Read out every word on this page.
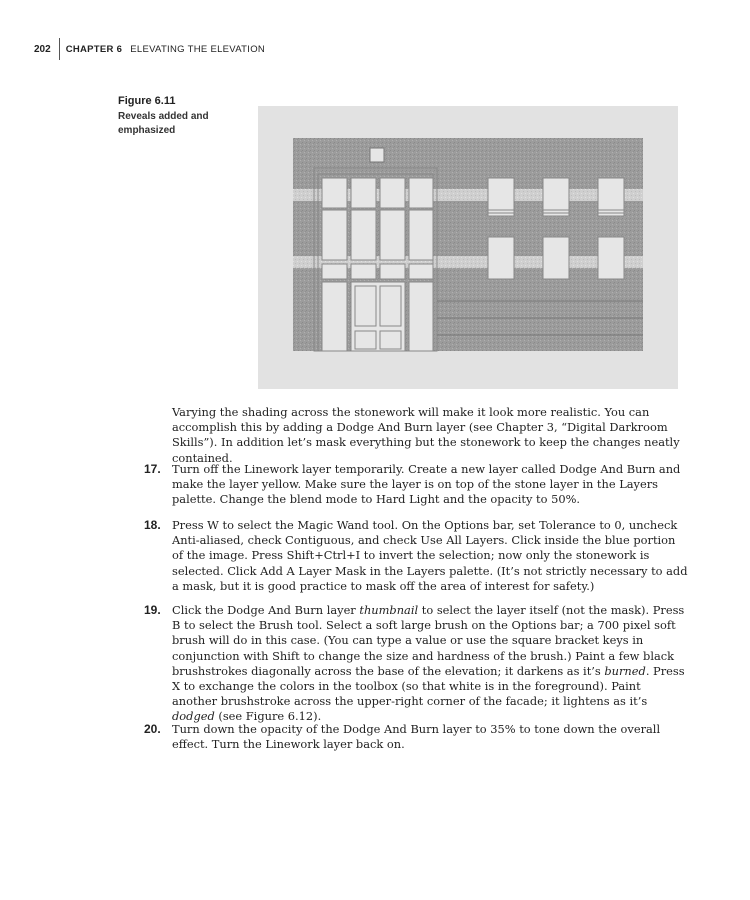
202 CHAPTER 6 ELEVATING THE ELEVATION
Figure 6.11
Reveals added and emphasized
Varying the shading across the stonework will make it look more realistic. You can accomplish this by adding a Dodge And Burn layer (see Chapter 3, “Digital Darkroom Skills”). In addition let’s mask everything but the stonework to keep the changes neatly contained.
17. Turn off the Linework layer temporarily. Create a new layer called Dodge And Burn and make the layer yellow. Make sure the layer is on top of the stone layer in the Layers palette. Change the blend mode to Hard Light and the opacity to 50%.
18. Press W to select the Magic Wand tool. On the Options bar, set Tolerance to 0, uncheck Anti-aliased, check Contiguous, and check Use All Layers. Click inside the blue portion of the image. Press Shift+Ctrl+I to invert the selection; now only the stonework is selected. Click Add A Layer Mask in the Layers palette. (It’s not strictly necessary to add a mask, but it is good practice to mask off the area of interest for safety.)
19. Click the Dodge And Burn layer thumbnail to select the layer itself (not the mask). Press B to select the Brush tool. Select a soft large brush on the Options bar; a 700 pixel soft brush will do in this case. (You can type a value or use the square bracket keys in conjunction with Shift to change the size and hardness of the brush.) Paint a few black brushstrokes diagonally across the base of the elevation; it darkens as it’s burned. Press X to exchange the colors in the toolbox (so that white is in the foreground). Paint another brushstroke across the upper-right corner of the facade; it lightens as it’s dodged (see Figure 6.12).
20. Turn down the opacity of the Dodge And Burn layer to 35% to tone down the overall effect. Turn the Linework layer back on.
